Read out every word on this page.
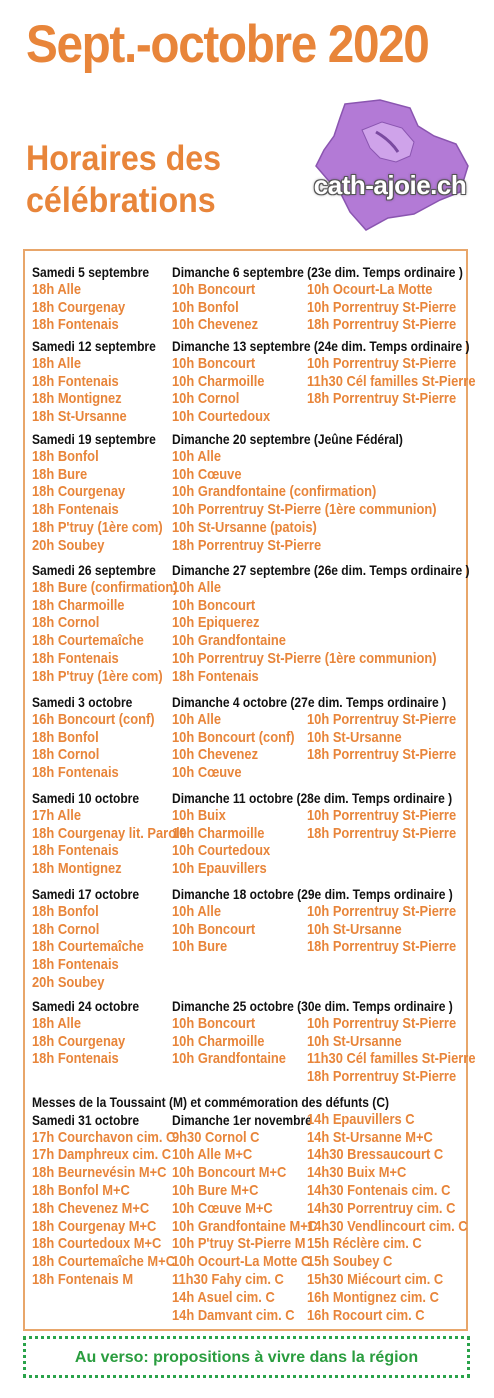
Sept.-octobre 2020
Horaires des
célébrations	cath-ajoie.ch
Samedi 5 septembre Dimanche 6 septembre (23e dim. Temps ordinaire )
18h Alle
18h Courgenay
18h Fontenais
10h Boncourt
10h Bonfol
10h Chevenez
10h Ocourt-La Motte
10h Porrentruy St-Pierre
18h Porrentruy St-Pierre
Samedi 12 septembre Dimanche 13 septembre (24e dim. Temps ordinaire )
18h Alle
18h Fontenais
18h Montignez
18h St-Ursanne
10h Boncourt
10h Charmoille
10h Cornol
10h Courtedoux
10h Porrentruy St-Pierre
11h30 Cél familles St-Pierre
18h Porrentruy St-Pierre
Samedi 19 septembre Dimanche 20 septembre (Jeûne Fédéral)
18h Bonfol
18h Bure
18h Courgenay
18h Fontenais
18h P'truy (1ère com)
20h Soubey
10h Alle
10h Cœuve
10h Grandfontaine (confirmation)
10h Porrentruy St-Pierre (1ère communion)
10h St-Ursanne (patois)
18h Porrentruy St-Pierre
Samedi 26 septembre Dimanche 27 septembre (26e dim. Temps ordinaire )
18h Bure (confirmation)
18h Charmoille
18h Cornol
18h Courtemaîche
18h Fontenais
18h P'truy (1ère com)
10h Alle
10h Boncourt
10h Epiquerez
10h Grandfontaine
10h Porrentruy St-Pierre (1ère communion)
18h Fontenais
Samedi 3 octobre	Dimanche 4 octobre (27e dim. Temps ordinaire )
16h Boncourt (conf)
18h Bonfol
18h Cornol
18h Fontenais
10h Alle
10h Boncourt (conf)
10h Chevenez
10h Cœuve
10h Porrentruy St-Pierre
10h St-Ursanne
18h Porrentruy St-Pierre
Samedi 10 octobre Dimanche 11 octobre (28e dim. Temps ordinaire )
17h Alle
18h Courgenay lit. Parole
18h Fontenais
18h Montignez
10h Buix
10h Charmoille
10h Courtedoux
10h Epauvillers
10h Porrentruy St-Pierre
18h Porrentruy St-Pierre
Samedi 17 octobre Dimanche 18 octobre (29e dim. Temps ordinaire )
18h Bonfol
18h Cornol
18h Courtemaîche
18h Fontenais
20h Soubey
10h Alle
10h Boncourt
10h Bure
10h Porrentruy St-Pierre
10h St-Ursanne
18h Porrentruy St-Pierre
Samedi 24 octobre Dimanche 25 octobre (30e dim. Temps ordinaire )
18h Alle
18h Courgenay
18h Fontenais
10h Boncourt
10h Charmoille
10h Grandfontaine
10h Porrentruy St-Pierre
10h St-Ursanne
11h30 Cél familles St-Pierre
18h Porrentruy St-Pierre
Messes de la Toussaint (M) et commémoration des défunts (C)
Samedi 31 octobre Dimanche 1er novembre
14h Epauvillers C
14h St-Ursanne M+C
14h30 Bressaucourt C
14h30 Buix M+C
14h30 Fontenais cim. C
14h30 Porrentruy cim. C
14h30 Vendlincourt cim. C
15h Réclère cim. C
15h Soubey C
15h30 Miécourt cim. C
16h Montignez cim. C
16h Rocourt cim. C
17h Courchavon cim. C
17h Damphreux cim. C
18h Beurnevésin M+C
18h Bonfol M+C
18h Chevenez M+C
18h Courgenay M+C
18h Courtedoux M+C
18h Courtemaîche M+C
18h Fontenais M
9h30 Cornol C
10h Alle M+C
10h Boncourt M+C
10h Bure M+C
10h Cœuve M+C
10h Grandfontaine M+C
10h P'truy St-Pierre M
10h Ocourt-La Motte C
11h30 Fahy cim. C
14h Asuel cim. C
14h Damvant cim. C
Au verso: propositions à vivre dans la région
